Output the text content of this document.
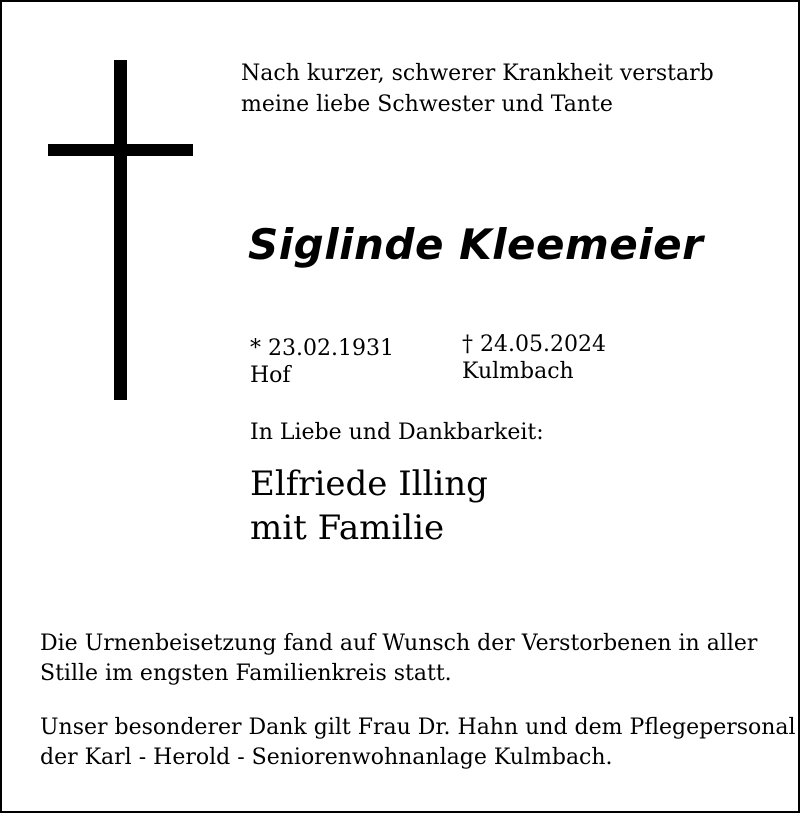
Nach kurzer, schwerer Krankheit verstarb
meine liebe Schwester und Tante
Siglinde Kleemeier
* 23.02.1931
Hof
† 24.05.2024
Kulmbach
In Liebe und Dankbarkeit:
Elfriede Illing
mit Familie
Die Urnenbeisetzung fand auf Wunsch der Verstorbenen in aller
Stille im engsten Familienkreis statt.
Unser besonderer Dank gilt Frau Dr. Hahn und dem Pflegepersonal
der Karl - Herold - Seniorenwohnanlage Kulmbach.
